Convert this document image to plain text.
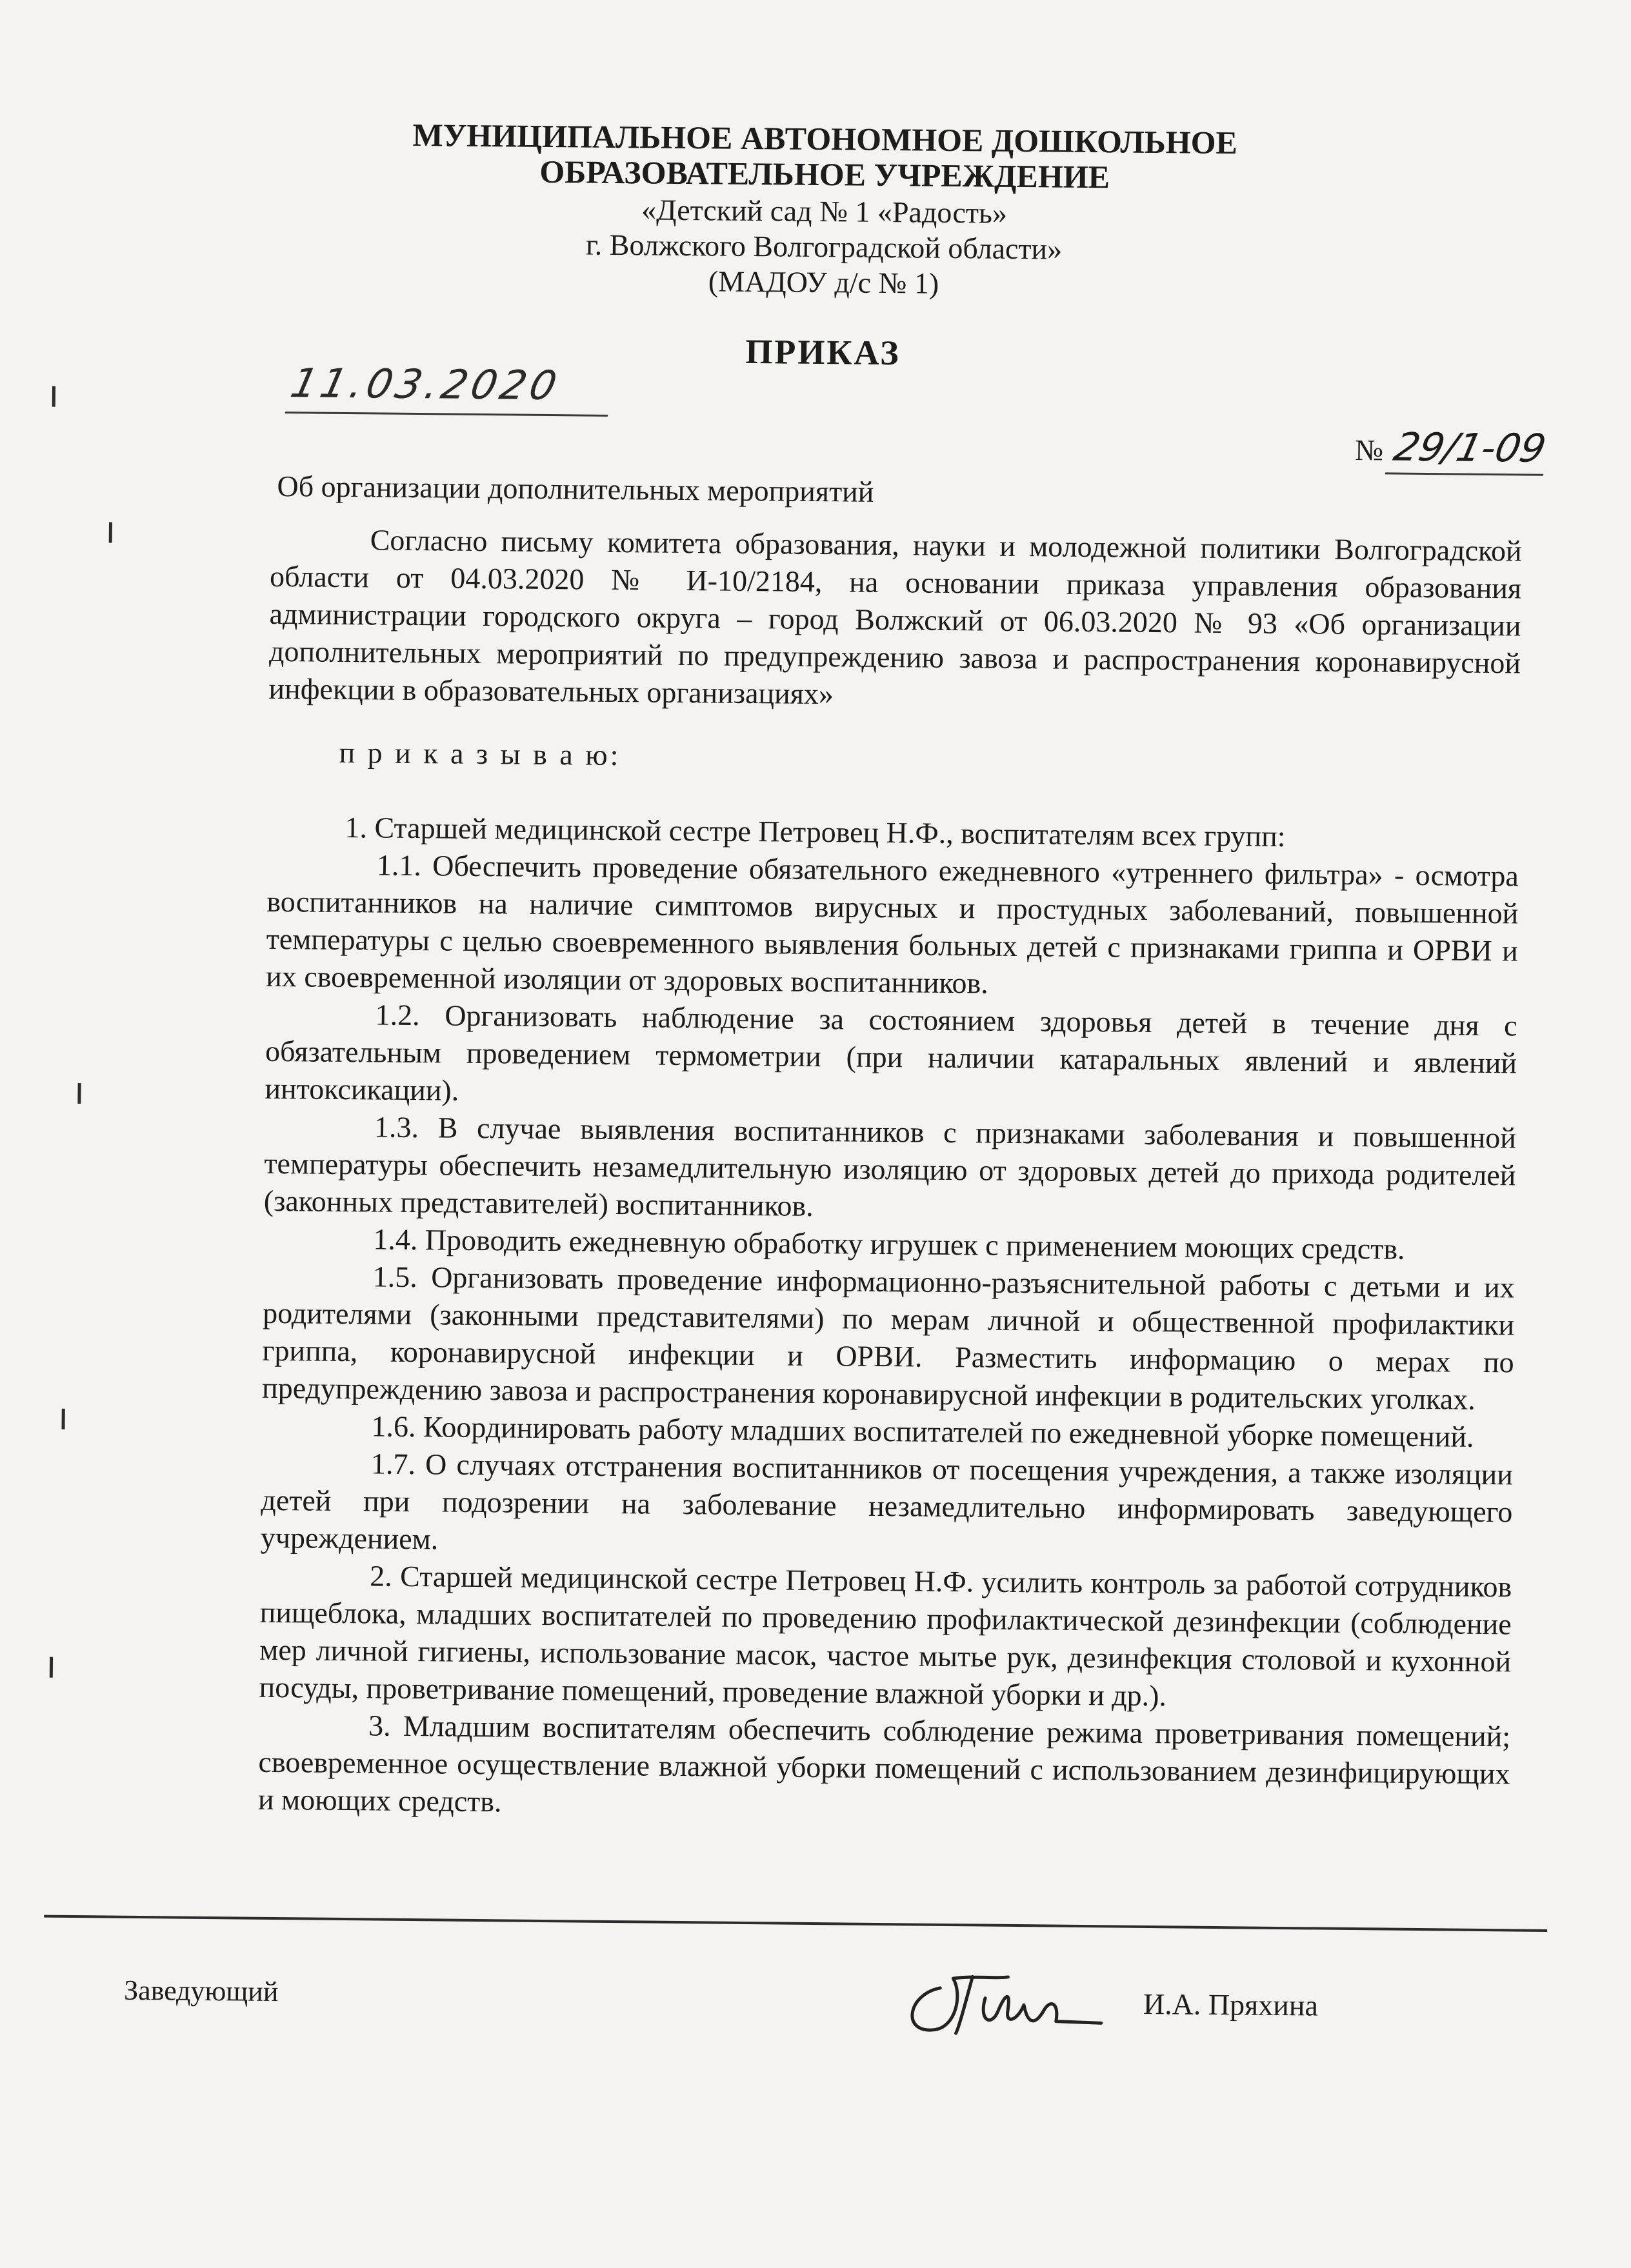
МУНИЦИПАЛЬНОЕ АВТОНОМНОЕ ДОШКОЛЬНОЕ
ОБРАЗОВАТЕЛЬНОЕ УЧРЕЖДЕНИЕ
«Детский сад № 1 «Радость»
г. Волжского Волгоградской области»
(МАДОУ д/с № 1)
ПРИКАЗ
11.03.2020
№ 29/1-09
Об организации дополнительных мероприятий

Согласно письму комитета образования, науки и молодежной политики Волгоградской области от 04.03.2020 № И-10/2184, на основании приказа управления образования администрации городского округа – город Волжский от 06.03.2020 № 93 «Об организации дополнительных мероприятий по предупреждению завоза и распространения коронавирусной инфекции в образовательных организациях»

п р и к а з ы в а ю:

1. Старшей медицинской сестре Петровец Н.Ф., воспитателям всех групп:

1.1. Обеспечить проведение обязательного ежедневного «утреннего фильтра» - осмотра воспитанников на наличие симптомов вирусных и простудных заболеваний, повышенной температуры с целью своевременного выявления больных детей с признаками гриппа и ОРВИ и их своевременной изоляции от здоровых воспитанников.

1.2. Организовать наблюдение за состоянием здоровья детей в течение дня с обязательным проведением термометрии (при наличии катаральных явлений и явлений интоксикации).

1.3. В случае выявления воспитанников с признаками заболевания и повышенной температуры обеспечить незамедлительную изоляцию от здоровых детей до прихода родителей (законных представителей) воспитанников.

1.4. Проводить ежедневную обработку игрушек с применением моющих средств.

1.5. Организовать проведение информационно-разъяснительной работы с детьми и их родителями (законными представителями) по мерам личной и общественной профилактики гриппа, коронавирусной инфекции и ОРВИ. Разместить информацию о мерах по предупреждению завоза и распространения коронавирусной инфекции в родительских уголках.

1.6. Координировать работу младших воспитателей по ежедневной уборке помещений.

1.7. О случаях отстранения воспитанников от посещения учреждения, а также изоляции детей при подозрении на заболевание незамедлительно информировать заведующего учреждением.

2. Старшей медицинской сестре Петровец Н.Ф. усилить контроль за работой сотрудников пищеблока, младших воспитателей по проведению профилактической дезинфекции (соблюдение мер личной гигиены, использование масок, частое мытье рук, дезинфекция столовой и кухонной посуды, проветривание помещений, проведение влажной уборки и др.).

3. Младшим воспитателям обеспечить соблюдение режима проветривания помещений; своевременное осуществление влажной уборки помещений с использованием дезинфицирующих и моющих средств.

Заведующий	И.А. Пряхина
